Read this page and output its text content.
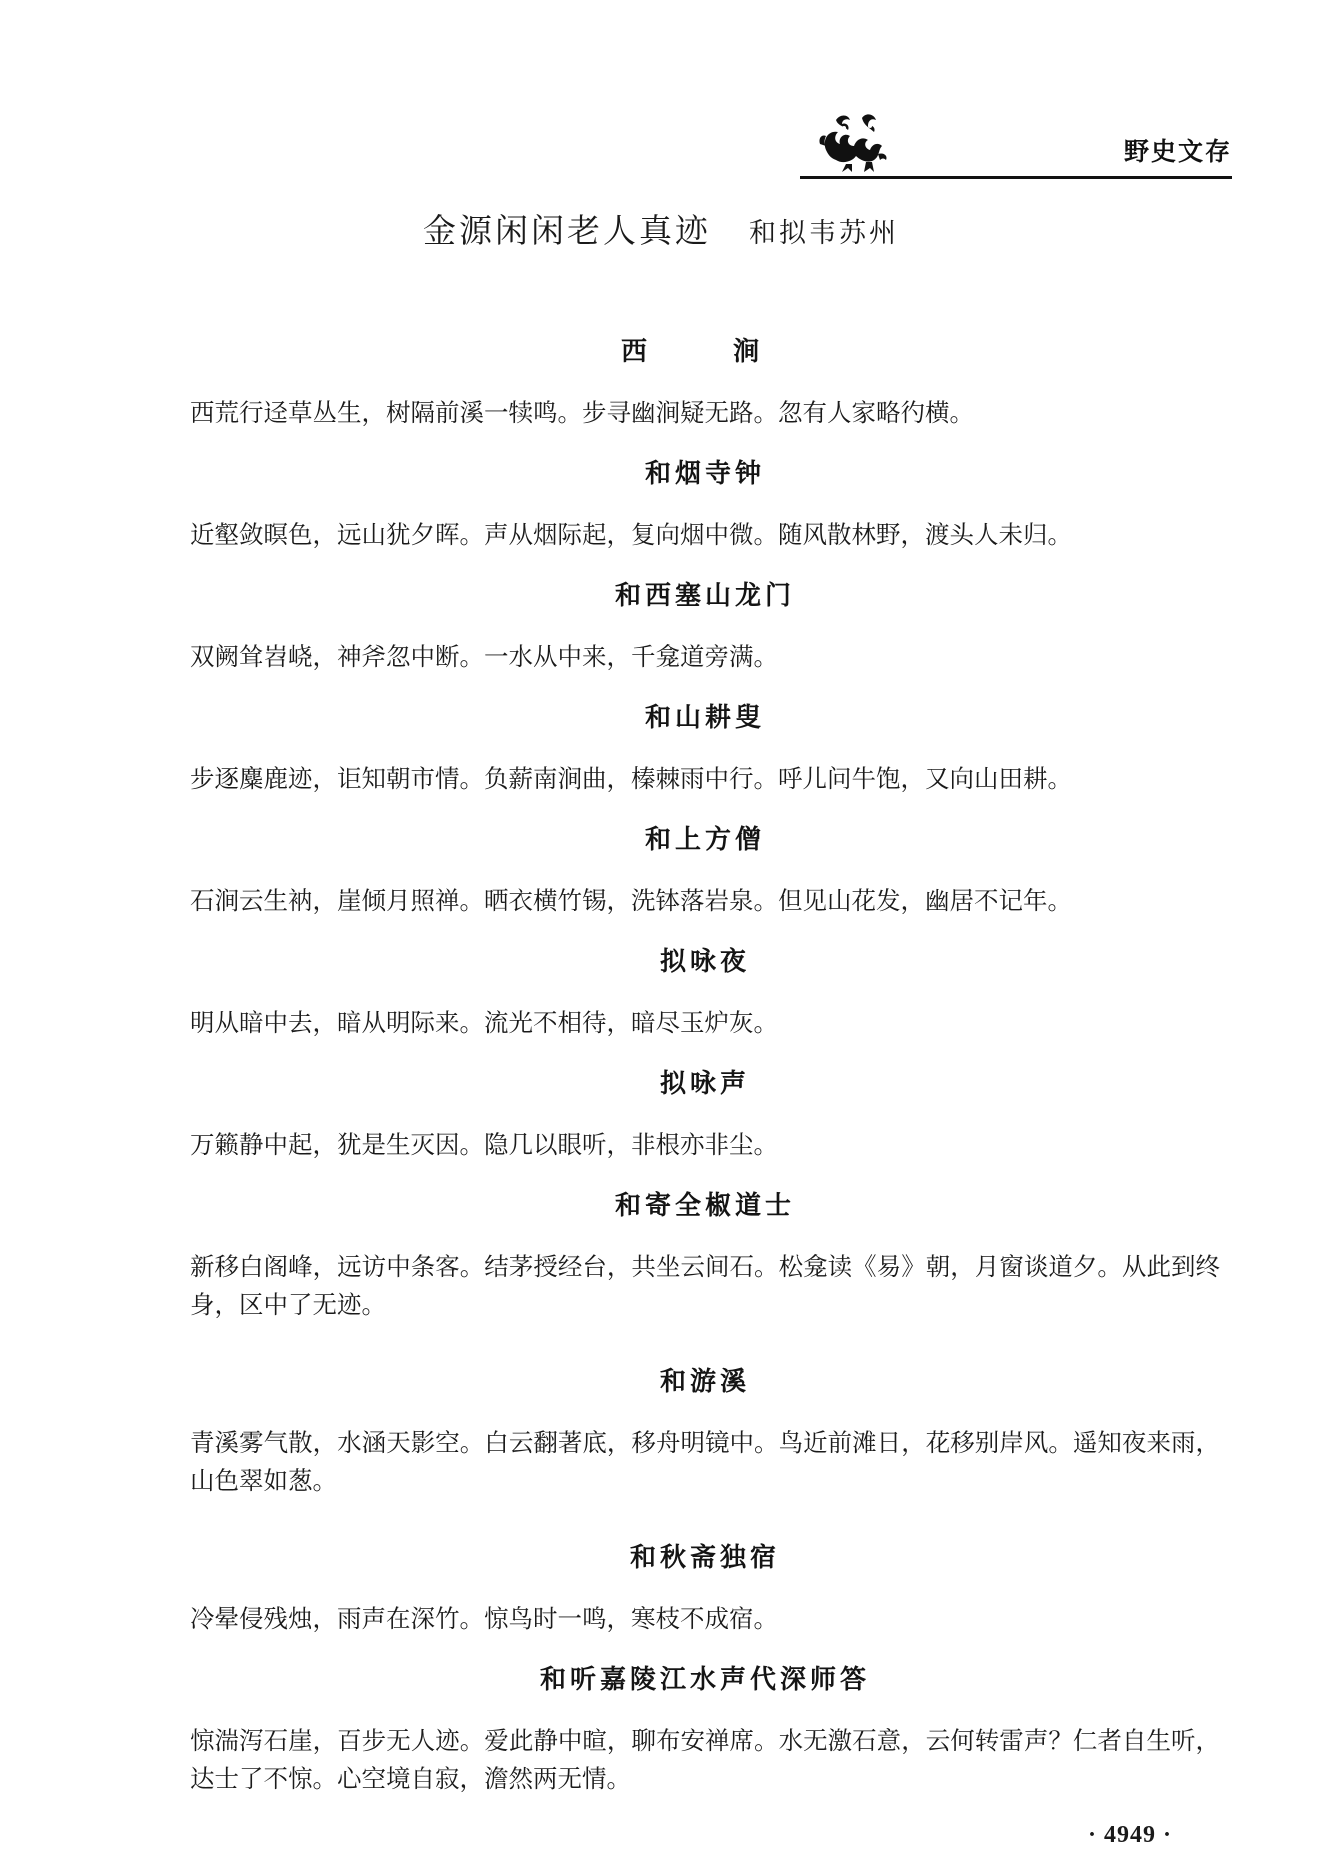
野史文存
金源闲闲老人真迹 和拟韦苏州
西　涧
西荒行迳草丛生，树隔前溪一犊鸣。步寻幽涧疑无路。忽有人家略彴横。
和烟寺钟
近壑敛暝色，远山犹夕晖。声从烟际起，复向烟中微。随风散林野，渡头人未归。
和西塞山龙门
双阙耸岧峣，神斧忽中断。一水从中来，千龛道旁满。
和山耕叟
步逐麋鹿迹，讵知朝市情。负薪南涧曲，榛棘雨中行。呼儿问牛饱，又向山田耕。
和上方僧
石涧云生衲，崖倾月照禅。晒衣横竹锡，洗钵落岩泉。但见山花发，幽居不记年。
拟咏夜
明从暗中去，暗从明际来。流光不相待，暗尽玉炉灰。
拟咏声
万籁静中起，犹是生灭因。隐几以眼听，非根亦非尘。
和寄全椒道士
新移白阁峰，远访中条客。结茅授经台，共坐云间石。松龛读《易》朝，月窗谈道夕。从此到终身，区中了无迹。
和游溪
青溪雾气散，水涵天影空。白云翻著底，移舟明镜中。鸟近前滩日，花移别岸风。遥知夜来雨，山色翠如葱。
和秋斋独宿
冷晕侵残烛，雨声在深竹。惊鸟时一鸣，寒枝不成宿。
和听嘉陵江水声代深师答
惊湍泻石崖，百步无人迹。爱此静中暄，聊布安禅席。水无激石意，云何转雷声？仁者自生听，达士了不惊。心空境自寂，澹然两无情。
· 4949 ·
